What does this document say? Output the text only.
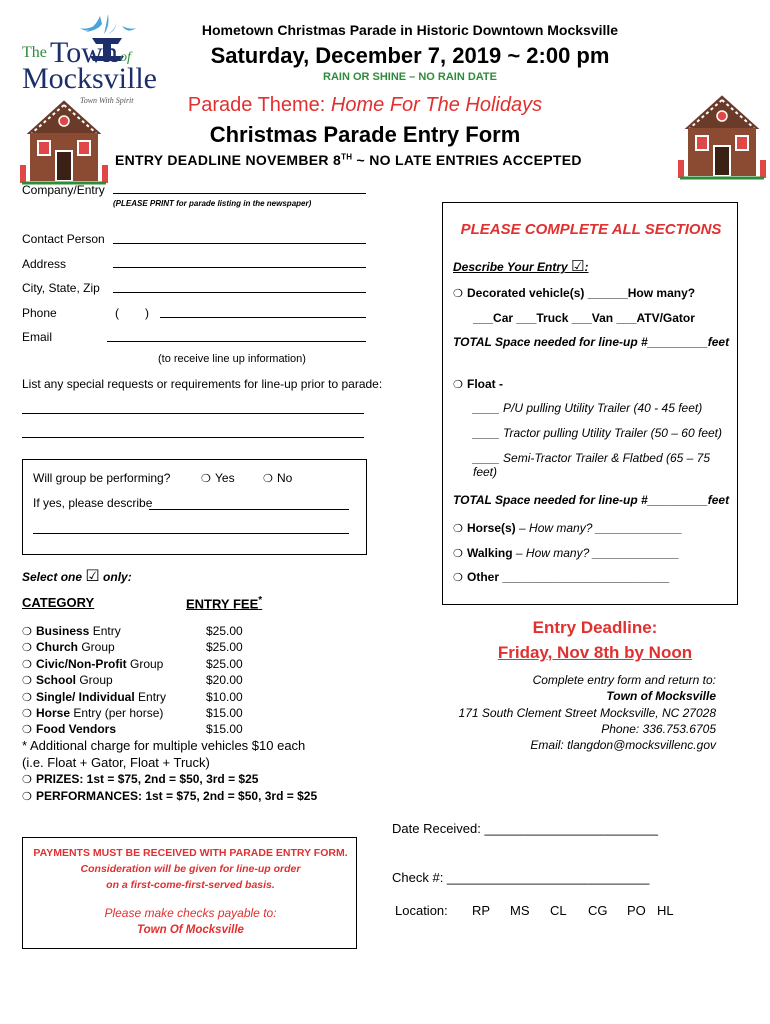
The Town of
Mocksville
Town With Spirit
Hometown Christmas Parade in Historic Downtown Mocksville
Saturday, December 7, 2019 ~ 2:00 pm
RAIN OR SHINE – NO RAIN DATE
Parade Theme: Home For The Holidays
Christmas Parade Entry Form
ENTRY DEADLINE NOVEMBER 8TH ~ NO LATE ENTRIES ACCEPTED
Company/Entry
(PLEASE PRINT for parade listing in the newspaper)
Contact Person
Address
City, State, Zip
Phone	( )
Email
(to receive line up information)
List any special requests or requirements for line-up prior to parade:
Will group be performing?	❍ Yes	❍ No
If yes, please describe
Select one ☑ only:
CATEGORY	ENTRY FEE*
❍ Business Entry	$25.00
❍ Church Group	$25.00
❍ Civic/Non-Profit Group	$25.00
❍ School Group	$20.00
❍ Single/ Individual Entry	$10.00
❍ Horse Entry (per horse)	$15.00
❍ Food Vendors	$15.00
* Additional charge for multiple vehicles $10 each
(i.e. Float + Gator, Float + Truck)
❍ PRIZES: 1st = $75, 2nd = $50, 3rd = $25
❍ PERFORMANCES: 1st = $75, 2nd = $50, 3rd = $25
PLEASE COMPLETE ALL SECTIONS
Describe Your Entry ☑:
❍ Decorated vehicle(s) ______How many?
___Car ___Truck ___Van ___ATV/Gator
TOTAL Space needed for line-up #_________feet
❍ Float -
____ P/U pulling Utility Trailer (40 - 45 feet)
____ Tractor pulling Utility Trailer (50 – 60 feet)
____ Semi-Tractor Trailer & Flatbed (65 – 75 feet)
TOTAL Space needed for line-up #_________feet
❍ Horse(s) – How many? _____________
❍ Walking – How many? _____________
❍ Other _________________________
Entry Deadline:
Friday, Nov 8th by Noon
Complete entry form and return to:
Town of Mocksville
171 South Clement Street Mocksville, NC 27028
Phone: 336.753.6705
Email: tlangdon@mocksvillenc.gov
PAYMENTS MUST BE RECEIVED WITH PARADE ENTRY FORM.
Consideration will be given for line-up order
on a first-come-first-served basis.
Please make checks payable to:
Town Of Mocksville
Date Received: ________________________
Check #: ____________________________
Location: RP	MS	CL	CG	PO HL
